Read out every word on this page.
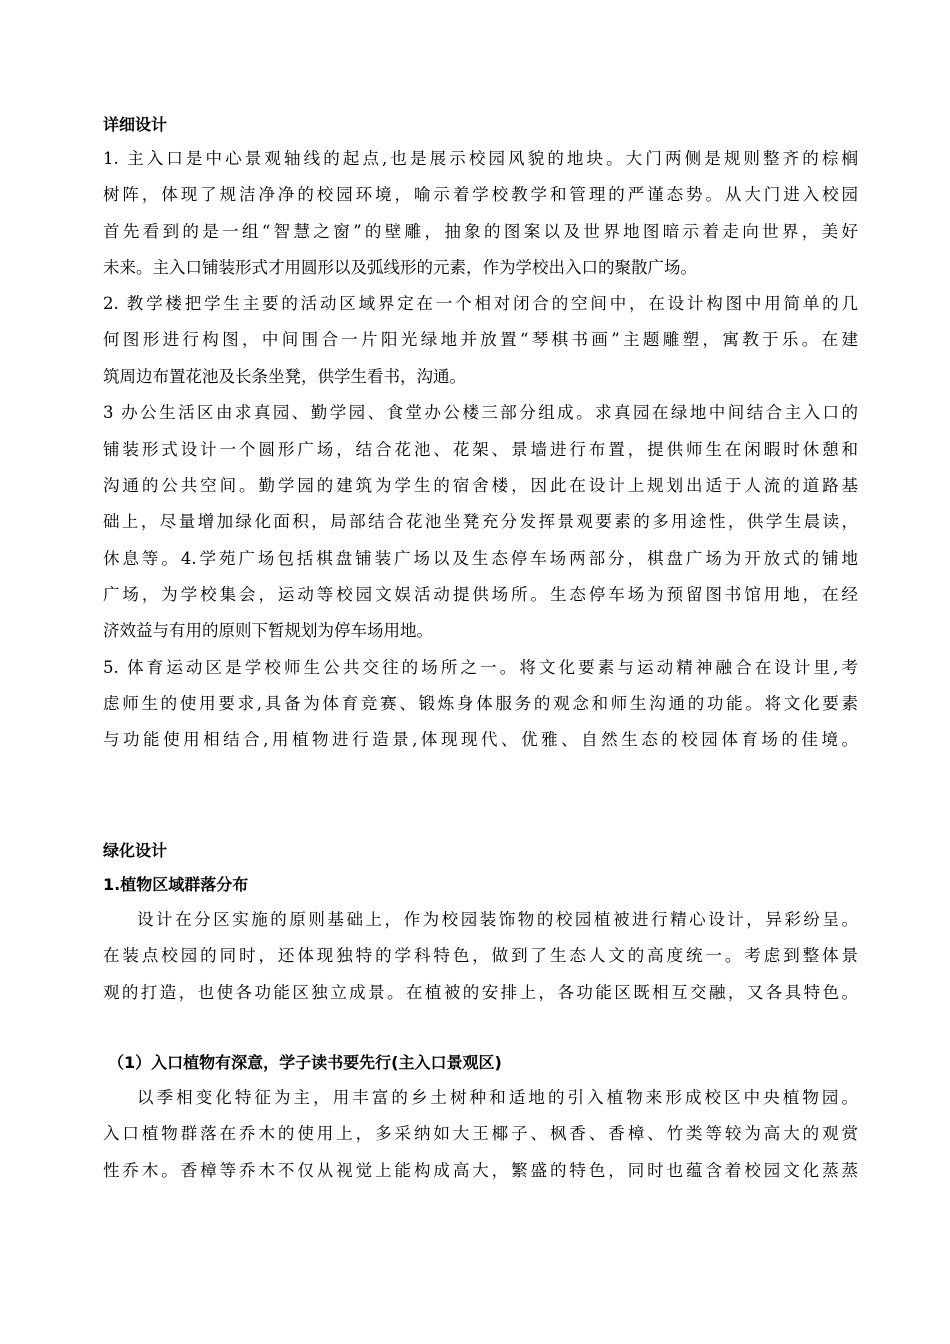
详细设计
1. 主入口是中心景观轴线的起点,也是展示校园风貌的地块。大门两侧是规则整齐的棕榈
树阵，体现了规洁净净的校园环境，喻示着学校教学和管理的严谨态势。从大门进入校园
首先看到的是一组“智慧之窗”的壁雕，抽象的图案以及世界地图暗示着走向世界，美好
未来。主入口铺装形式才用圆形以及弧线形的元素，作为学校出入口的聚散广场。
2. 教学楼把学生主要的活动区域界定在一个相对闭合的空间中，在设计构图中用简单的几
何图形进行构图，中间围合一片阳光绿地并放置“琴棋书画”主题雕塑，寓教于乐。在建
筑周边布置花池及长条坐凳，供学生看书，沟通。
3 办公生活区由求真园、勤学园、食堂办公楼三部分组成。求真园在绿地中间结合主入口的
铺装形式设计一个圆形广场，结合花池、花架、景墙进行布置，提供师生在闲暇时休憩和
沟通的公共空间。勤学园的建筑为学生的宿舍楼，因此在设计上规划出适于人流的道路基
础上，尽量增加绿化面积，局部结合花池坐凳充分发挥景观要素的多用途性，供学生晨读，
休息等。4.学苑广场包括棋盘铺装广场以及生态停车场两部分，棋盘广场为开放式的铺地
广场，为学校集会，运动等校园文娱活动提供场所。生态停车场为预留图书馆用地，在经
济效益与有用的原则下暂规划为停车场用地。
5. 体育运动区是学校师生公共交往的场所之一。将文化要素与运动精神融合在设计里,考
虑师生的使用要求,具备为体育竞赛、锻炼身体服务的观念和师生沟通的功能。将文化要素
与功能使用相结合,用植物进行造景,体现现代、优雅、自然生态的校园体育场的佳境。
绿化设计
1.植物区域群落分布
设计在分区实施的原则基础上，作为校园装饰物的校园植被进行精心设计，异彩纷呈。
在装点校园的同时，还体现独特的学科特色，做到了生态人文的高度统一。考虑到整体景
观的打造，也使各功能区独立成景。在植被的安排上，各功能区既相互交融，又各具特色。
（1）入口植物有深意，学子读书要先行(主入口景观区)
以季相变化特征为主，用丰富的乡土树种和适地的引入植物来形成校区中央植物园。
入口植物群落在乔木的使用上，多采纳如大王椰子、枫香、香樟、竹类等较为高大的观赏
性乔木。香樟等乔木不仅从视觉上能构成高大，繁盛的特色，同时也蕴含着校园文化蒸蒸
